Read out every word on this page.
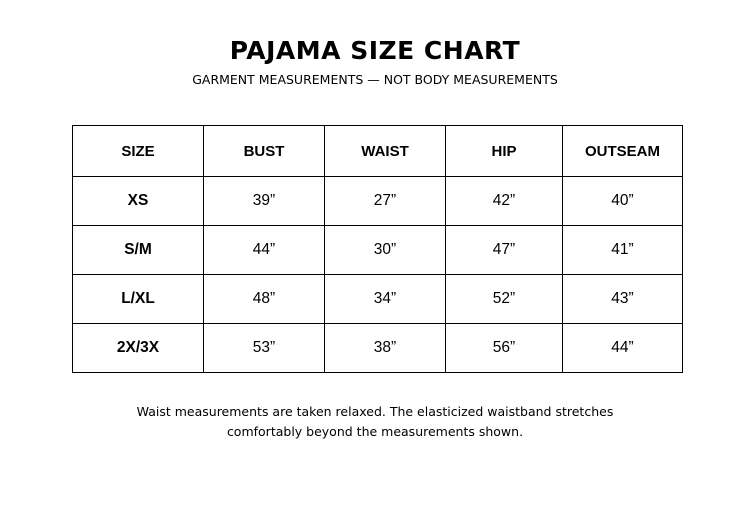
PAJAMA SIZE CHART
GARMENT MEASUREMENTS — NOT BODY MEASUREMENTS
SIZE	BUST	WAIST	HIP	OUTSEAM
XS	39”	27”	42”	40”
S/M	44”	30”	47”	41”
L/XL	48”	34”	52”	43”
2X/3X	53”	38”	56”	44”
Waist measurements are taken relaxed. The elasticized waistband stretches
comfortably beyond the measurements shown.
